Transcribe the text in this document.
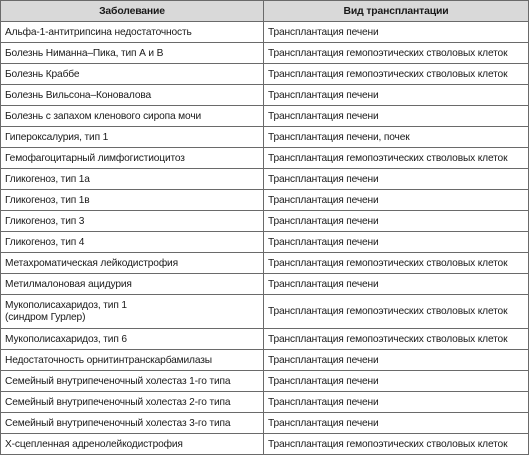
Заболевание	Вид трансплантации
Альфа-1-антитрипсина недостаточность	Трансплантация печени
Болезнь Ниманна–Пика, тип А и В	Трансплантация гемопоэтических стволовых клеток
Болезнь Краббе	Трансплантация гемопоэтических стволовых клеток
Болезнь Вильсона–Коновалова	Трансплантация печени
Болезнь с запахом кленового сиропа мочи	Трансплантация печени
Гипероксалурия, тип 1	Трансплантация печени, почек
Гемофагоцитарный лимфогистиоцитоз	Трансплантация гемопоэтических стволовых клеток
Гликогеноз, тип 1а	Трансплантация печени
Гликогеноз, тип 1в	Трансплантация печени
Гликогеноз, тип 3	Трансплантация печени
Гликогеноз, тип 4	Трансплантация печени
Метахроматическая лейкодистрофия	Трансплантация гемопоэтических стволовых клеток
Метилмалоновая ацидурия	Трансплантация печени
Мукополисахаридоз, тип 1
(синдром Гурлер)	Трансплантация гемопоэтических стволовых клеток
Мукополисахаридоз, тип 6	Трансплантация гемопоэтических стволовых клеток
Недостаточность орнитинтранскарбамилазы	Трансплантация печени
Семейный внутрипеченочный холестаз 1-го типа	Трансплантация печени
Семейный внутрипеченочный холестаз 2-го типа	Трансплантация печени
Семейный внутрипеченочный холестаз 3-го типа	Трансплантация печени
Х-сцепленная адренолейкодистрофия	Трансплантация гемопоэтических стволовых клеток
